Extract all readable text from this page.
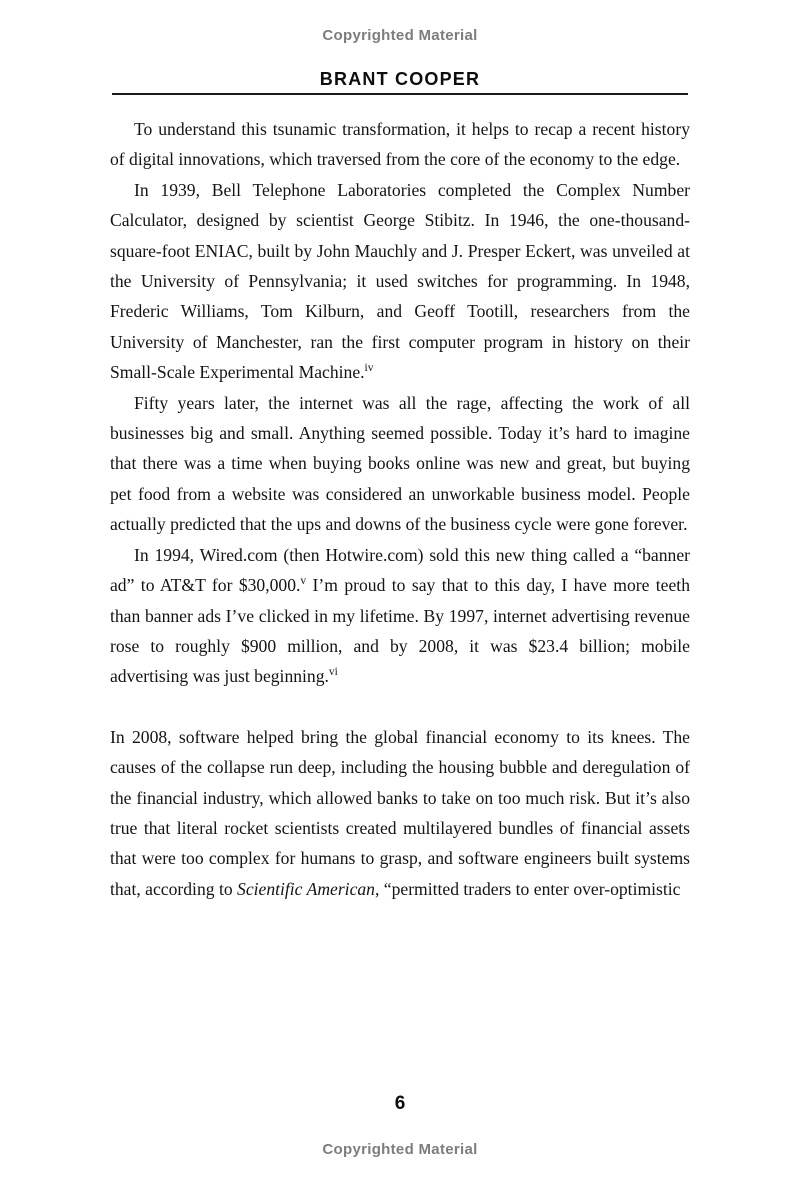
Copyrighted Material
BRANT COOPER

To understand this tsunamic transformation, it helps to recap a recent history of digital innovations, which traversed from the core of the economy to the edge.

In 1939, Bell Telephone Laboratories completed the Complex Number Calculator, designed by scientist George Stibitz. In 1946, the one-thousand-square-foot ENIAC, built by John Mauchly and J. Presper Eckert, was unveiled at the University of Pennsylvania; it used switches for programming. In 1948, Frederic Williams, Tom Kilburn, and Geoff Tootill, researchers from the University of Manchester, ran the first computer program in history on their Small-Scale Experimental Machine.$^{iv}$

Fifty years later, the internet was all the rage, affecting the work of all businesses big and small. Anything seemed possible. Today it’s hard to imagine that there was a time when buying books online was new and great, but buying pet food from a website was considered an unworkable business model. People actually predicted that the ups and downs of the business cycle were gone forever.

In 1994, Wired.com (then Hotwire.com) sold this new thing called a “banner ad” to AT&T for $30,000.$^v$ I’m proud to say that to this day, I have more teeth than banner ads I’ve clicked in my lifetime. By 1997, internet advertising revenue rose to roughly $900 million, and by 2008, it was $23.4 billion; mobile advertising was just beginning.$^{vi}$

In 2008, software helped bring the global financial economy to its knees. The causes of the collapse run deep, including the housing bubble and deregulation of the financial industry, which allowed banks to take on too much risk. But it’s also true that literal rocket scientists created multilayered bundles of financial assets that were too complex for humans to grasp, and software engineers built systems that, according to Scientific American, “permitted traders to enter over-optimistic

6
Copyrighted Material
